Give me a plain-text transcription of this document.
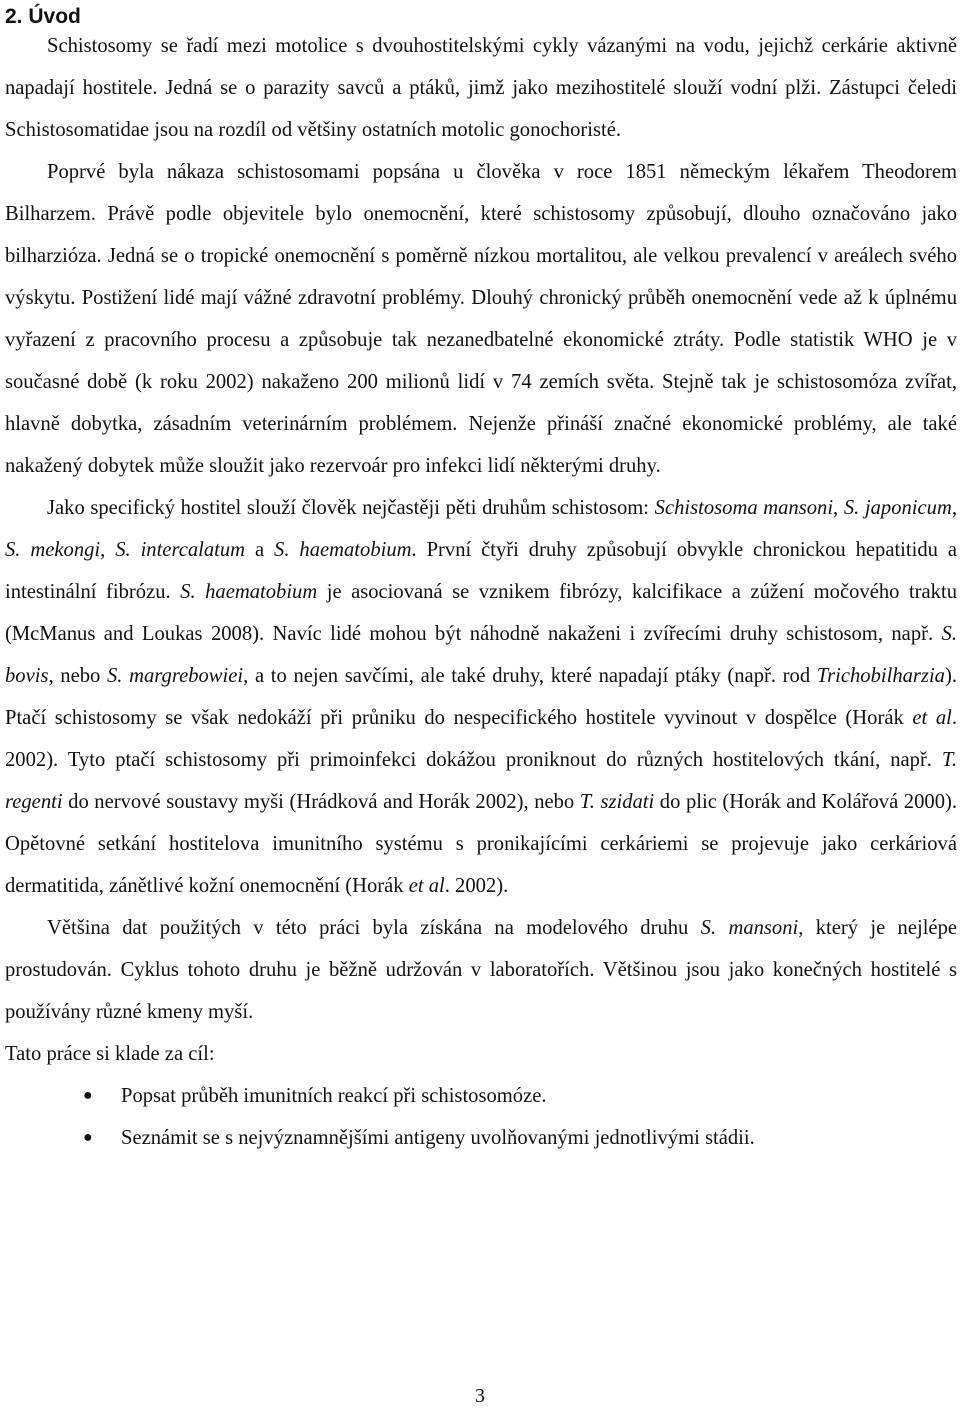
2. Úvod

Schistosomy se řadí mezi motolice s dvouhostitelskými cykly vázanými na vodu, jejichž cerkárie aktivně napadají hostitele. Jedná se o parazity savců a ptáků, jimž jako mezihostitelé slouží vodní plži. Zástupci čeledi Schistosomatidae jsou na rozdíl od většiny ostatních motolic gonochoristé.

Poprvé byla nákaza schistosomami popsána u člověka v roce 1851 německým lékařem Theodorem Bilharzem. Právě podle objevitele bylo onemocnění, které schistosomy způsobují, dlouho označováno jako bilharzióza. Jedná se o tropické onemocnění s poměrně nízkou mortalitou, ale velkou prevalencí v areálech svého výskytu. Postižení lidé mají vážné zdravotní problémy. Dlouhý chronický průběh onemocnění vede až k úplnému vyřazení z pracovního procesu a způsobuje tak nezanedbatelné ekonomické ztráty. Podle statistik WHO je v současné době (k roku 2002) nakaženo 200 milionů lidí v 74 zemích světa. Stejně tak je schistosomóza zvířat, hlavně dobytka, zásadním veterinárním problémem. Nejenže přináší značné ekonomické problémy, ale také nakažený dobytek může sloužit jako rezervoár pro infekci lidí některými druhy.

Jako specifický hostitel slouží člověk nejčastěji pěti druhům schistosom: Schistosoma mansoni, S. japonicum, S. mekongi, S. intercalatum a S. haematobium. První čtyři druhy způsobují obvykle chronickou hepatitidu a intestinální fibrózu. S. haematobium je asociovaná se vznikem fibrózy, kalcifikace a zúžení močového traktu (McManus and Loukas 2008). Navíc lidé mohou být náhodně nakaženi i zvířecími druhy schistosom, např. S. bovis, nebo S. margrebowiei, a to nejen savčími, ale také druhy, které napadají ptáky (např. rod Trichobilharzia). Ptačí schistosomy se však nedokáží při průniku do nespecifického hostitele vyvinout v dospělce (Horák et al. 2002). Tyto ptačí schistosomy při primoinfekci dokážou proniknout do různých hostitelových tkání, např. T. regenti do nervové soustavy myši (Hrádková and Horák 2002), nebo T. szidati do plic (Horák and Kolářová 2000). Opětovné setkání hostitelova imunitního systému s pronikajícími cerkáriemi se projevuje jako cerkáriová dermatitida, zánětlivé kožní onemocnění (Horák et al. 2002).

Většina dat použitých v této práci byla získána na modelového druhu S. mansoni, který je nejlépe prostudován. Cyklus tohoto druhu je běžně udržován v laboratořích. Většinou jsou jako konečných hostitelé s používány různé kmeny myší.

Tato práce si klade za cíl:

● Popsat průběh imunitních reakcí při schistosomóze.
● Seznámit se s nejvýznamnějšími antigeny uvolňovanými jednotlivými stádii.
3
